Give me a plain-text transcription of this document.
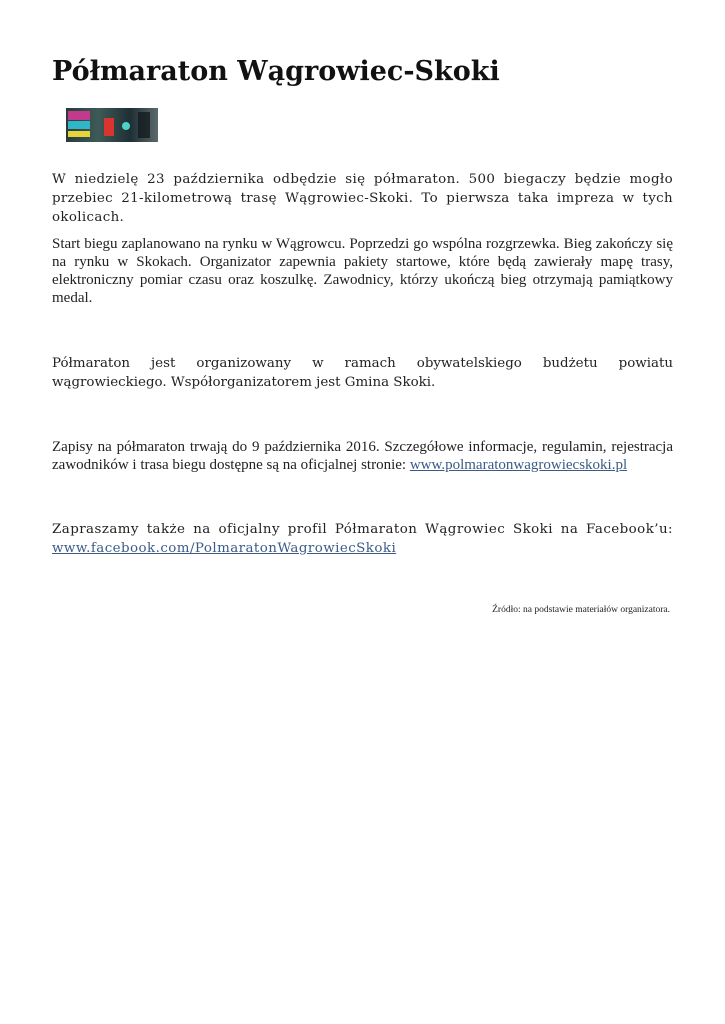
Półmaraton Wągrowiec-Skoki

W niedzielę 23 października odbędzie się półmaraton. 500 biegaczy będzie mogło przebiec 21-kilometrową trasę Wągrowiec-Skoki. To pierwsza taka impreza w tych okolicach.

Start biegu zaplanowano na rynku w Wągrowcu. Poprzedzi go wspólna rozgrzewka. Bieg zakończy się na rynku w Skokach. Organizator zapewnia pakiety startowe, które będą zawierały mapę trasy, elektroniczny pomiar czasu oraz koszulkę. Zawodnicy, którzy ukończą bieg otrzymają pamiątkowy medal.

Półmaraton jest organizowany w ramach obywatelskiego budżetu powiatu wągrowieckiego. Współorganizatorem jest Gmina Skoki.

Zapisy na półmaraton trwają do 9 października 2016. Szczegółowe informacje, regulamin, rejestracja zawodników i trasa biegu dostępne są na oficjalnej stronie: www.polmaratonwagrowiecskoki.pl

Zapraszamy także na oficjalny profil Półmaraton Wągrowiec Skoki na Facebook’u:
www.facebook.com/PolmaratonWagrowiecSkoki

Źródło: na podstawie materiałów organizatora.
